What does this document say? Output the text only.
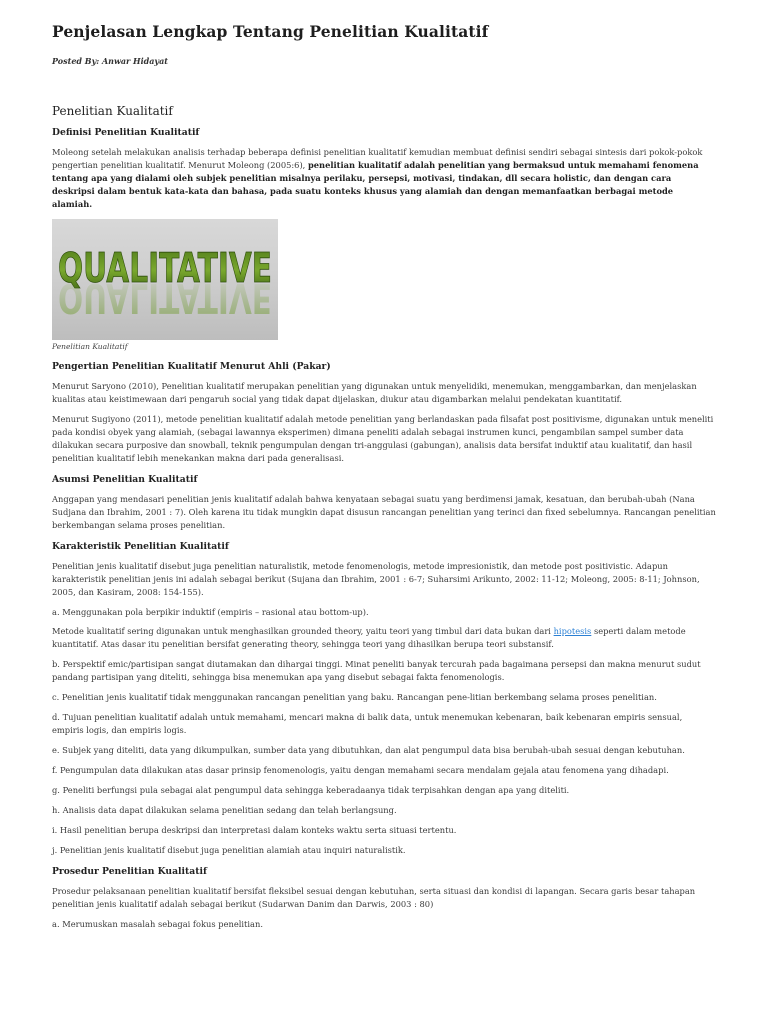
Penjelasan Lengkap Tentang Penelitian Kualitatif
Posted By: Anwar Hidayat
Penelitian Kualitatif
Definisi Penelitian Kualitatif

Moleong setelah melakukan analisis terhadap beberapa definisi penelitian kualitatif kemudian membuat definisi sendiri sebagai sintesis dari pokok-pokok pengertian penelitian kualitatif. Menurut Moleong (2005:6), penelitian kualitatif adalah penelitian yang bermaksud untuk memahami fenomena tentang apa yang dialami oleh subjek penelitian misalnya perilaku, persepsi, motivasi, tindakan, dll secara holistic, dan dengan cara deskripsi dalam bentuk kata-kata dan bahasa, pada suatu konteks khusus yang alamiah dan dengan memanfaatkan berbagai metode alamiah.

QUALITATIVE
QUALITATIVE
Penelitian Kualitatif
Pengertian Penelitian Kualitatif Menurut Ahli (Pakar)

Menurut Saryono (2010), Penelitian kualitatif merupakan penelitian yang digunakan untuk menyelidiki, menemukan, menggambarkan, dan menjelaskan kualitas atau keistimewaan dari pengaruh social yang tidak dapat dijelaskan, diukur atau digambarkan melalui pendekatan kuantitatif.

Menurut Sugiyono (2011), metode penelitian kualitatif adalah metode penelitian yang berlandaskan pada filsafat post positivisme, digunakan untuk meneliti pada kondisi obyek yang alamiah, (sebagai lawannya eksperimen) dimana peneliti adalah sebagai instrumen kunci, pengambilan sampel sumber data dilakukan secara purposive dan snowball, teknik pengumpulan dengan tri-anggulasi (gabungan), analisis data bersifat induktif atau kualitatif, dan hasil penelitian kualitatif lebih menekankan makna dari pada generalisasi.

Asumsi Penelitian Kualitatif

Anggapan yang mendasari penelitian jenis kualitatif adalah bahwa kenyataan sebagai suatu yang berdimensi jamak, kesatuan, dan berubah-ubah (Nana Sudjana dan Ibrahim, 2001 : 7). Oleh karena itu tidak mungkin dapat disusun rancangan penelitian yang terinci dan fixed sebelumnya. Rancangan penelitian berkembangan selama proses penelitian.

Karakteristik Penelitian Kualitatif

Penelitian jenis kualitatif disebut juga penelitian naturalistik, metode fenomenologis, metode impresionistik, dan metode post positivistic. Adapun karakteristik penelitian jenis ini adalah sebagai berikut (Sujana dan Ibrahim, 2001 : 6-7; Suharsimi Arikunto, 2002: 11-12; Moleong, 2005: 8-11; Johnson, 2005, dan Kasiram, 2008: 154-155).

a. Menggunakan pola berpikir induktif (empiris – rasional atau bottom-up).

Metode kualitatif sering digunakan untuk menghasilkan grounded theory, yaitu teori yang timbul dari data bukan dari hipotesis seperti dalam metode kuantitatif. Atas dasar itu penelitian bersifat generating theory, sehingga teori yang dihasilkan berupa teori substansif.

b. Perspektif emic/partisipan sangat diutamakan dan dihargai tinggi. Minat peneliti banyak tercurah pada bagaimana persepsi dan makna menurut sudut pandang partisipan yang diteliti, sehingga bisa menemukan apa yang disebut sebagai fakta fenomenologis.

c. Penelitian jenis kualitatif tidak menggunakan rancangan penelitian yang baku. Rancangan pene-litian berkembang selama proses penelitian.

d. Tujuan penelitian kualitatif adalah untuk memahami, mencari makna di balik data, untuk menemukan kebenaran, baik kebenaran empiris sensual, empiris logis, dan empiris logis.

e. Subjek yang diteliti, data yang dikumpulkan, sumber data yang dibutuhkan, dan alat pengumpul data bisa berubah-ubah sesuai dengan kebutuhan.

f. Pengumpulan data dilakukan atas dasar prinsip fenomenologis, yaitu dengan memahami secara mendalam gejala atau fenomena yang dihadapi.

g. Peneliti berfungsi pula sebagai alat pengumpul data sehingga keberadaanya tidak terpisahkan dengan apa yang diteliti.

h. Analisis data dapat dilakukan selama penelitian sedang dan telah berlangsung.

i. Hasil penelitian berupa deskripsi dan interpretasi dalam konteks waktu serta situasi tertentu.

j. Penelitian jenis kualitatif disebut juga penelitian alamiah atau inquiri naturalistik.

Prosedur Penelitian Kualitatif

Prosedur pelaksanaan penelitian kualitatif bersifat fleksibel sesuai dengan kebutuhan, serta situasi dan kondisi di lapangan. Secara garis besar tahapan penelitian jenis kualitatif adalah sebagai berikut (Sudarwan Danim dan Darwis, 2003 : 80)

a. Merumuskan masalah sebagai fokus penelitian.
